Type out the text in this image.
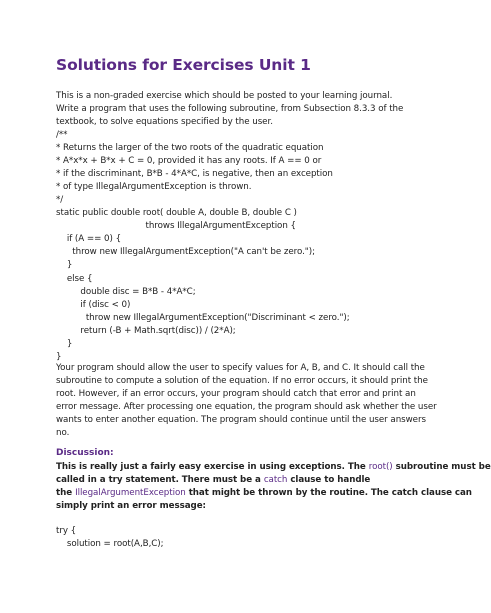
Solutions for Exercises Unit 1
This is a non-graded exercise which should be posted to your learning journal.
Write a program that uses the following subroutine, from Subsection 8.3.3 of the
textbook, to solve equations specified by the user.
/**
* Returns the larger of the two roots of the quadratic equation
* A*x*x + B*x + C = 0, provided it has any roots. If A == 0 or
* if the discriminant, B*B - 4*A*C, is negative, then an exception
* of type IllegalArgumentException is thrown.
*/
static public double root( double A, double B, double C )
throws IllegalArgumentException {
if (A == 0) {
throw new IllegalArgumentException("A can't be zero.");
}
else {
double disc = B*B - 4*A*C;
if (disc < 0)
throw new IllegalArgumentException("Discriminant < zero.");
return (-B + Math.sqrt(disc)) / (2*A);
}
}
Your program should allow the user to specify values for A, B, and C. It should call the
subroutine to compute a solution of the equation. If no error occurs, it should print the
root. However, if an error occurs, your program should catch that error and print an
error message. After processing one equation, the program should ask whether the user
wants to enter another equation. The program should continue until the user answers
no.
Discussion:
This is really just a fairly easy exercise in using exceptions. The root() subroutine must be
called in a try statement. There must be a catch clause to handle
the IllegalArgumentException that might be thrown by the routine. The catch clause can
simply print an error message:
try {
solution = root(A,B,C);
